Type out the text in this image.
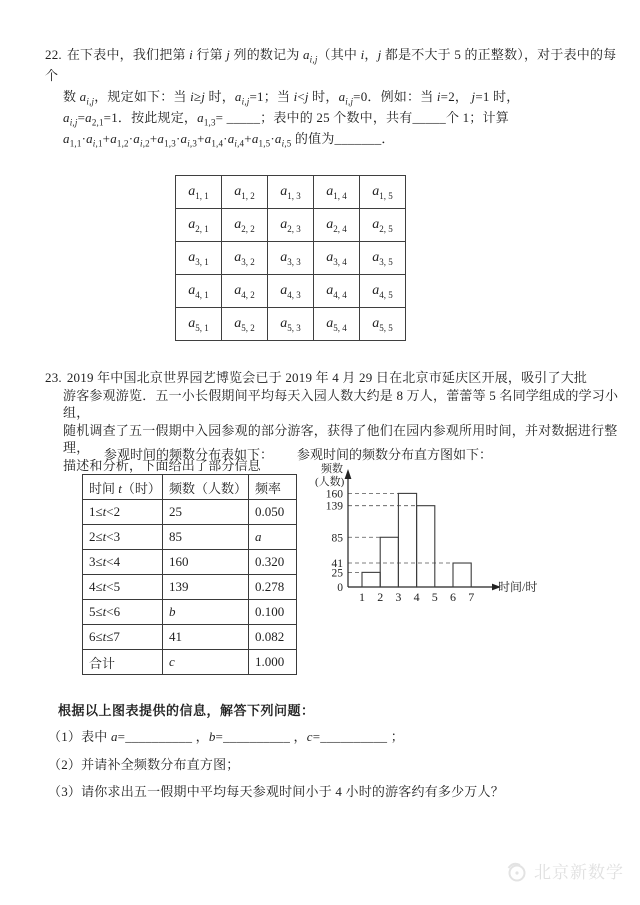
22. 在下表中，我们把第 i 行第 j 列的数记为 $a_{i,j}$（其中 i，j 都是不大于 5 的正整数），对于表中的每个
数 $a_{i,j}$，规定如下：当 i≥j 时，$a_{i,j}=1$；当 i<j 时，$a_{i,j}=0$．例如：当 i=2， j=1 时，
$a_{i,j}=a_{2,1}=1$．按此规定，$a_{1,3}=$ _____；表中的 25 个数中，共有_____个 1；计算
$a_{1,1}\cdot a_{i,1}+a_{1,2}\cdot a_{i,2}+a_{1,3}\cdot a_{i,3}+a_{1,4}\cdot a_{i,4}+a_{1,5}\cdot a_{i,5}$ 的值为_______．
$a_{1, 1}$	$a_{1, 2}$	$a_{1, 3}$	$a_{1, 4}$	$a_{1, 5}$
$a_{2, 1}$	$a_{2, 2}$	$a_{2, 3}$	$a_{2, 4}$	$a_{2, 5}$
$a_{3, 1}$	$a_{3, 2}$	$a_{3, 3}$	$a_{3, 4}$	$a_{3, 5}$
$a_{4, 1}$	$a_{4, 2}$	$a_{4, 3}$	$a_{4, 4}$	$a_{4, 5}$
$a_{5, 1}$	$a_{5, 2}$	$a_{5, 3}$	$a_{5, 4}$	$a_{5, 5}$
23. 2019 年中国北京世界园艺博览会已于 2019 年 4 月 29 日在北京市延庆区开展，吸引了大批
游客参观游览．五一小长假期间平均每天入园人数大约是 8 万人，蕾蕾等 5 名同学组成的学习小组，
随机调查了五一假期中入园参观的部分游客，获得了他们在园内参观所用时间，并对数据进行整理，
描述和分析，下面给出了部分信息
参观时间的频数分布表如下： 参观时间的频数分布直方图如下：
时间 t（时）	频数（人数）	频率
1≤t<2	25	0.050
2≤t<3	85	a
3≤t<4	160	0.320
4≤t<5	139	0.278
5≤t<6	b	0.100
6≤t≤7	41	0.082
合计	c	1.000
0
25
41
85
139
160
1 2 3 4 5 6 7
频数
(人数)
时间/时
根据以上图表提供的信息，解答下列问题：
（1）表中 a=__________ ，b=__________ ，c=__________ ；
（2）并请补全频数分布直方图；
（3）请你求出五一假期中平均每天参观时间小于 4 小时的游客约有多少万人？
北京新数学
